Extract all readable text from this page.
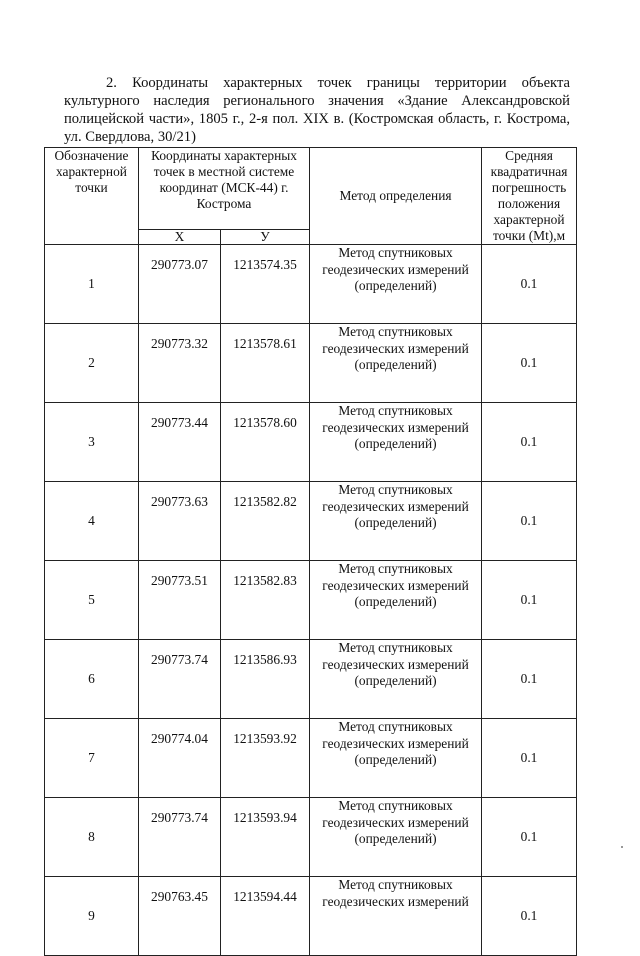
2. Координаты характерных точек границы территории объекта культурного наследия регионального значения «Здание Александровской полицейской части», 1805 г., 2-я пол. XIX в. (Костромская область, г. Кострома, ул. Свердлова, 30/21)
Обозначение характерной точки	Координаты характерных точек в местной системе координат (МСК-44) г. Кострома		Метод определения	Средняя квадратичная погрешность положения характерной точки (Mt),м
	Х	У		
1	290773.07	1213574.35	Метод спутниковых геодезических измерений (определений)	0.1
2	290773.32	1213578.61	Метод спутниковых геодезических измерений (определений)	0.1
3	290773.44	1213578.60	Метод спутниковых геодезических измерений (определений)	0.1
4	290773.63	1213582.82	Метод спутниковых геодезических измерений (определений)	0.1
5	290773.51	1213582.83	Метод спутниковых геодезических измерений (определений)	0.1
6	290773.74	1213586.93	Метод спутниковых геодезических измерений (определений)	0.1
7	290774.04	1213593.92	Метод спутниковых геодезических измерений (определений)	0.1
8	290773.74	1213593.94	Метод спутниковых геодезических измерений (определений)	0.1
9	290763.45	1213594.44	Метод спутниковых геодезических измерений	0.1
